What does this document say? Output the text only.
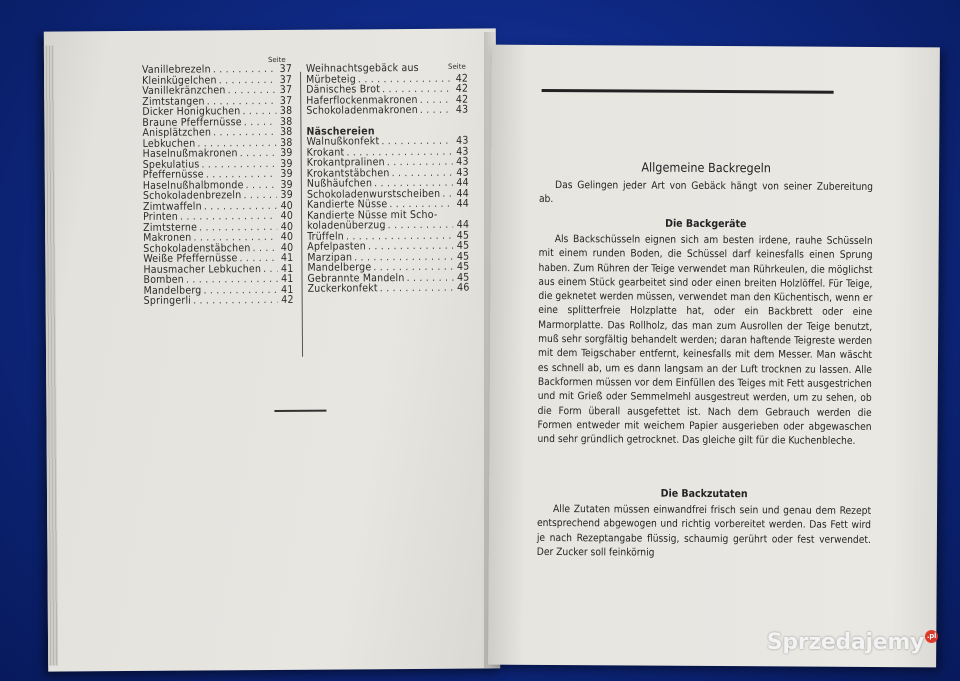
Seite
Seite
Vanillebrezeln . . .	37
Kleinkügelchen . . .	37
Vanillekränzchen . . .	37
Zimtstangen . . .	37
Dicker Honigkuchen . . .	38
Braune Pfeffernüsse . . .	38
Anisplätzchen . . .	38
Lebkuchen . . .	38
Haselnußmakronen . . .	39
Spekulatius . . .	39
Pfeffernüsse . . .	39
Haselnußhalbmonde . . .	39
Schokoladenbrezeln . . .	39
Zimtwaffeln . . .	40
Printen . . .	40
Zimtsterne . . .	40
Makronen . . .	40
Schokoladenstäbchen . . .	40
Weiße Pfeffernüsse . . .	41
Hausmacher Lebkuchen . . .	41
Bomben . . .	41
Mandelberg . . .	41
Springerli . . .	42
Weihnachtsgebäck aus
Mürbeteig . . .	42
Dänisches Brot . . .	42
Haferflockenmakronen . . .	42
Schokoladenmakronen . . .	43
Näschereien
Walnußkonfekt . . .	43
Krokant . . .	43
Krokantpralinen . . .	43
Krokantstäbchen . . .	43
Nußhäufchen . . .	44
Schokoladenwurstscheiben . . .	44
Kandierte Nüsse . . .	44
Kandierte Nüsse mit Scho-
koladenüberzug . . .	44
Trüffeln . . .	45
Apfelpasten . . .	45
Marzipan . . .	45
Mandelberge . . .	45
Gebrannte Mandeln . . .	45
Zuckerkonfekt . . .	46
Allgemeine Backregeln
Das Gelingen jeder Art von Gebäck hängt von seiner Zubereitung ab.
Die Backgeräte
Als Backschüsseln eignen sich am besten irdene, rauhe Schüsseln mit einem runden Boden, die Schüssel darf keinesfalls einen Sprung haben. Zum Rühren der Teige verwendet man Rührkeulen, die möglichst aus einem Stück gearbeitet sind oder einen breiten Holzlöffel. Für Teige, die geknetet werden müssen, verwendet man den Küchentisch, wenn er eine splitterfreie Holzplatte hat, oder ein Backbrett oder eine Marmorplatte. Das Rollholz, das man zum Ausrollen der Teige benutzt, muß sehr sorgfältig behandelt werden; daran haftende Teigreste werden mit dem Teigschaber entfernt, keinesfalls mit dem Messer. Man wäscht es schnell ab, um es dann langsam an der Luft trocknen zu lassen. Alle Backformen müssen vor dem Einfüllen des Teiges mit Fett ausgestrichen und mit Grieß oder Semmelmehl ausgestreut werden, um zu sehen, ob die Form überall ausgefettet ist. Nach dem Gebrauch werden die Formen entweder mit weichem Papier ausgerieben oder abgewaschen und sehr gründlich getrocknet. Das gleiche gilt für die Kuchenbleche.
Die Backzutaten
Alle Zutaten müssen einwandfrei frisch sein und genau dem Rezept entsprechend abgewogen und richtig vorbereitet werden. Das Fett wird je nach Rezeptangabe flüssig, schaumig gerührt oder fest verwendet. Der Zucker soll feinkörnig
Sprzedajemy .pl
